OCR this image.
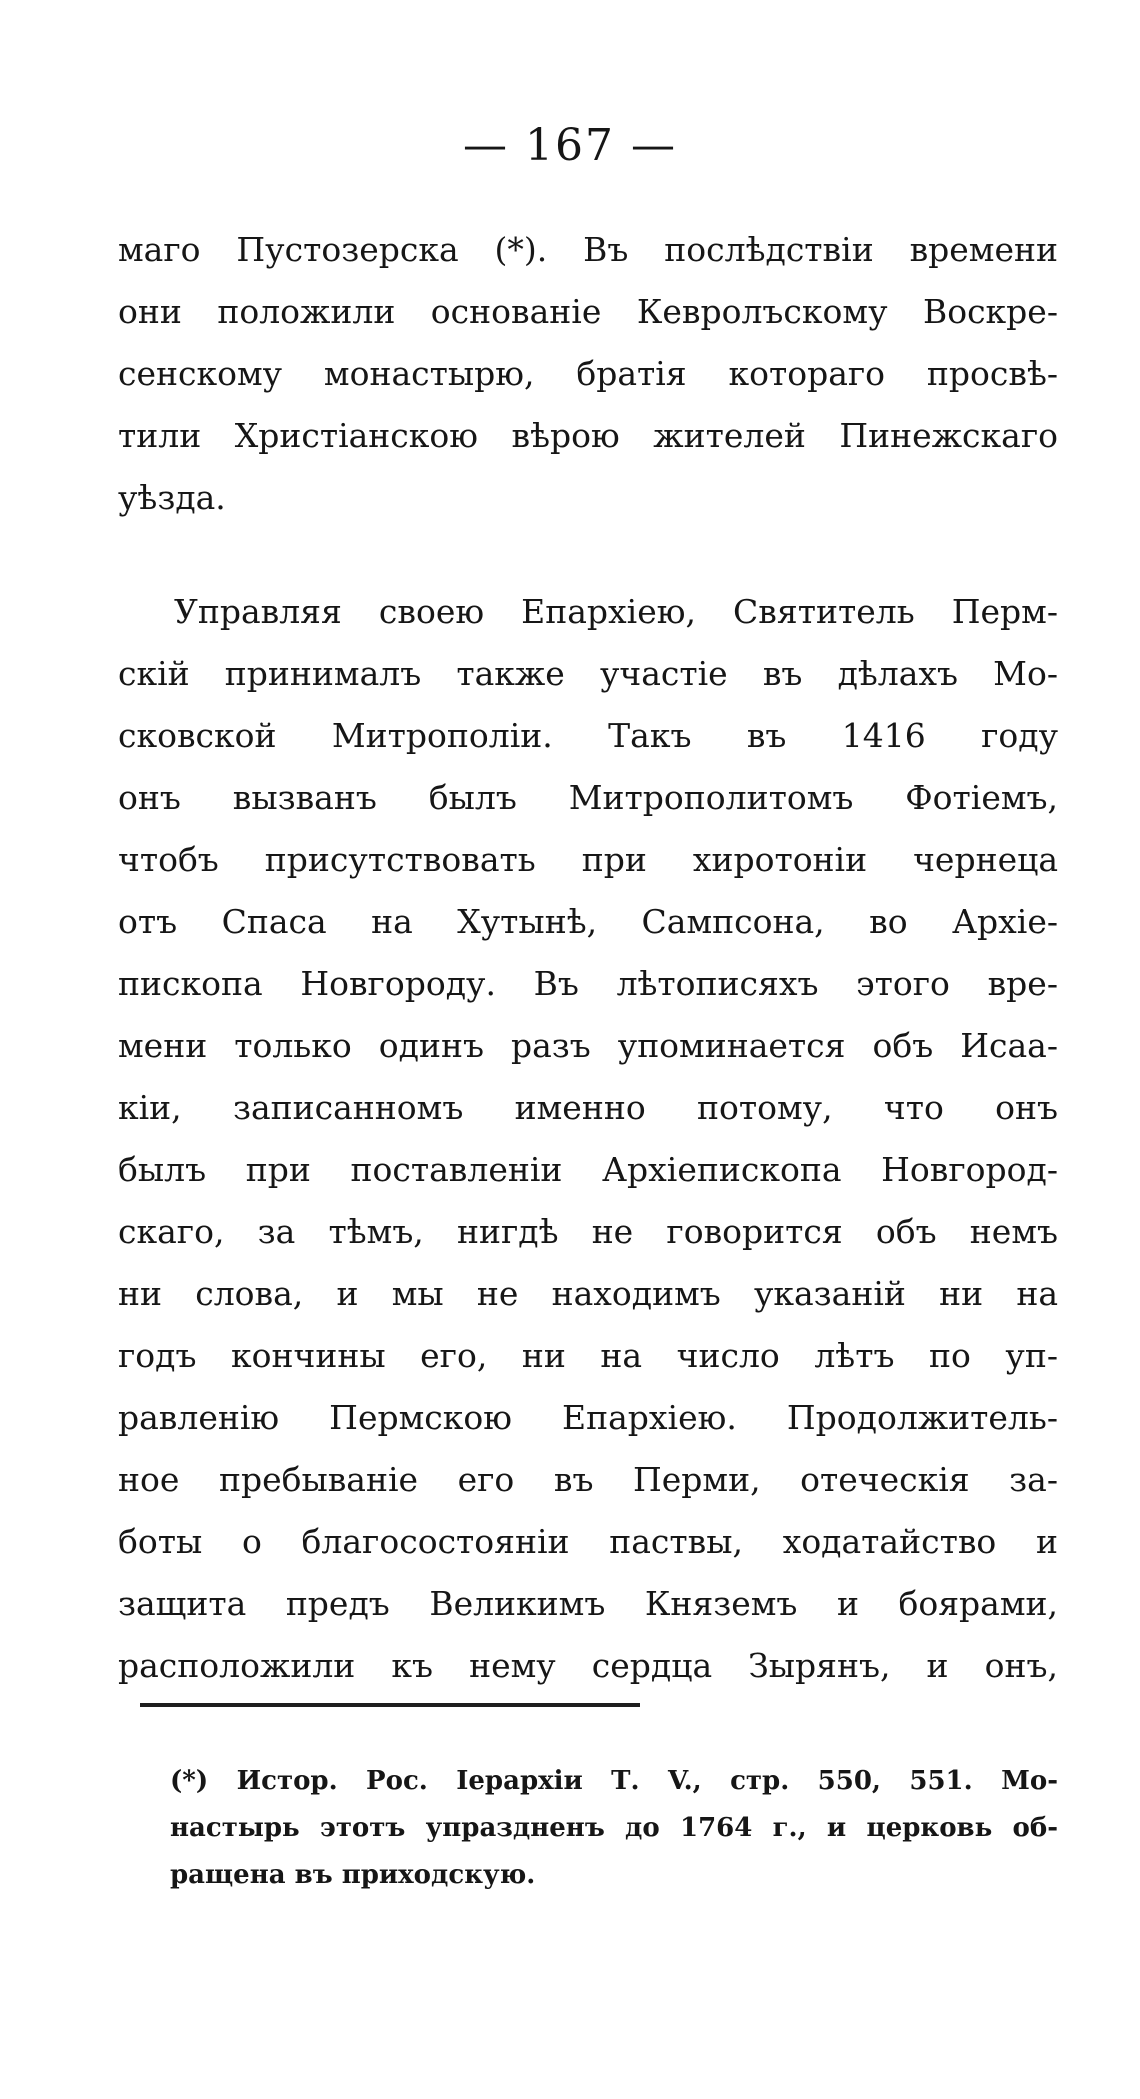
— 167 —
маго Пустозерска (*). Въ послѣдствіи времени
они положили основаніе Кевролъскому Воскре-
сенскому монастырю, братія котораго просвѣ-
тили Христіанскою вѣрою жителей Пинежскаго
уѣзда.
Управляя своею Епархіею, Святитель Перм-
скій принималъ также участіе въ дѣлахъ Мо-
сковской Митрополіи. Такъ въ 1416 году
онъ вызванъ былъ Митрополитомъ Фотіемъ,
чтобъ присутствовать при хиротоніи чернеца
отъ Спаса на Хутынѣ, Сампсона, во Архіе-
пископа Новгороду. Въ лѣтописяхъ этого вре-
мени только одинъ разъ упоминается объ Исаа-
кіи, записанномъ именно потому, что онъ
былъ при поставленіи Архіепископа Новгород-
скаго, за тѣмъ, нигдѣ не говорится объ немъ
ни слова, и мы не находимъ указаній ни на
годъ кончины его, ни на число лѣтъ по уп-
равленію Пермскою Епархіею. Продолжитель-
ное пребываніе его въ Перми, отеческія за-
боты о благосостояніи паствы, ходатайство и
защита предъ Великимъ Княземъ и боярами,
расположили къ нему сердца Зырянъ, и онъ,
(*) Истор. Рос. Іерархіи Т. V., стр. 550, 551. Мо-
настырь этотъ упраздненъ до 1764 г., и церковь об-
ращена въ приходскую.
